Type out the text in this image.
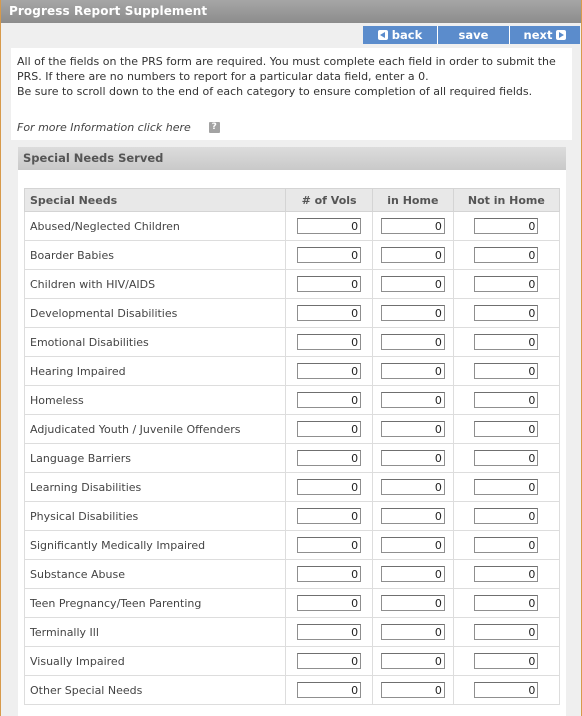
Progress Report Supplement
back	save	next

All of the fields on the PRS form are required. You must complete each field in order to submit the PRS. If there are no numbers to report for a particular data field, enter a 0.

Be sure to scroll down to the end of each category to ensure completion of all required fields.

For more Information click here	?
Special Needs Served
Special Needs	# of Vols	in Home	Not in Home
Abused/Neglected Children	0	0	0
Boarder Babies	0	0	0
Children with HIV/AIDS	0	0	0
Developmental Disabilities	0	0	0
Emotional Disabilities	0	0	0
Hearing Impaired	0	0	0
Homeless	0	0	0
Adjudicated Youth / Juvenile Offenders	0	0	0
Language Barriers	0	0	0
Learning Disabilities	0	0	0
Physical Disabilities	0	0	0
Significantly Medically Impaired	0	0	0
Substance Abuse	0	0	0
Teen Pregnancy/Teen Parenting	0	0	0
Terminally Ill	0	0	0
Visually Impaired	0	0	0
Other Special Needs	0	0	0
